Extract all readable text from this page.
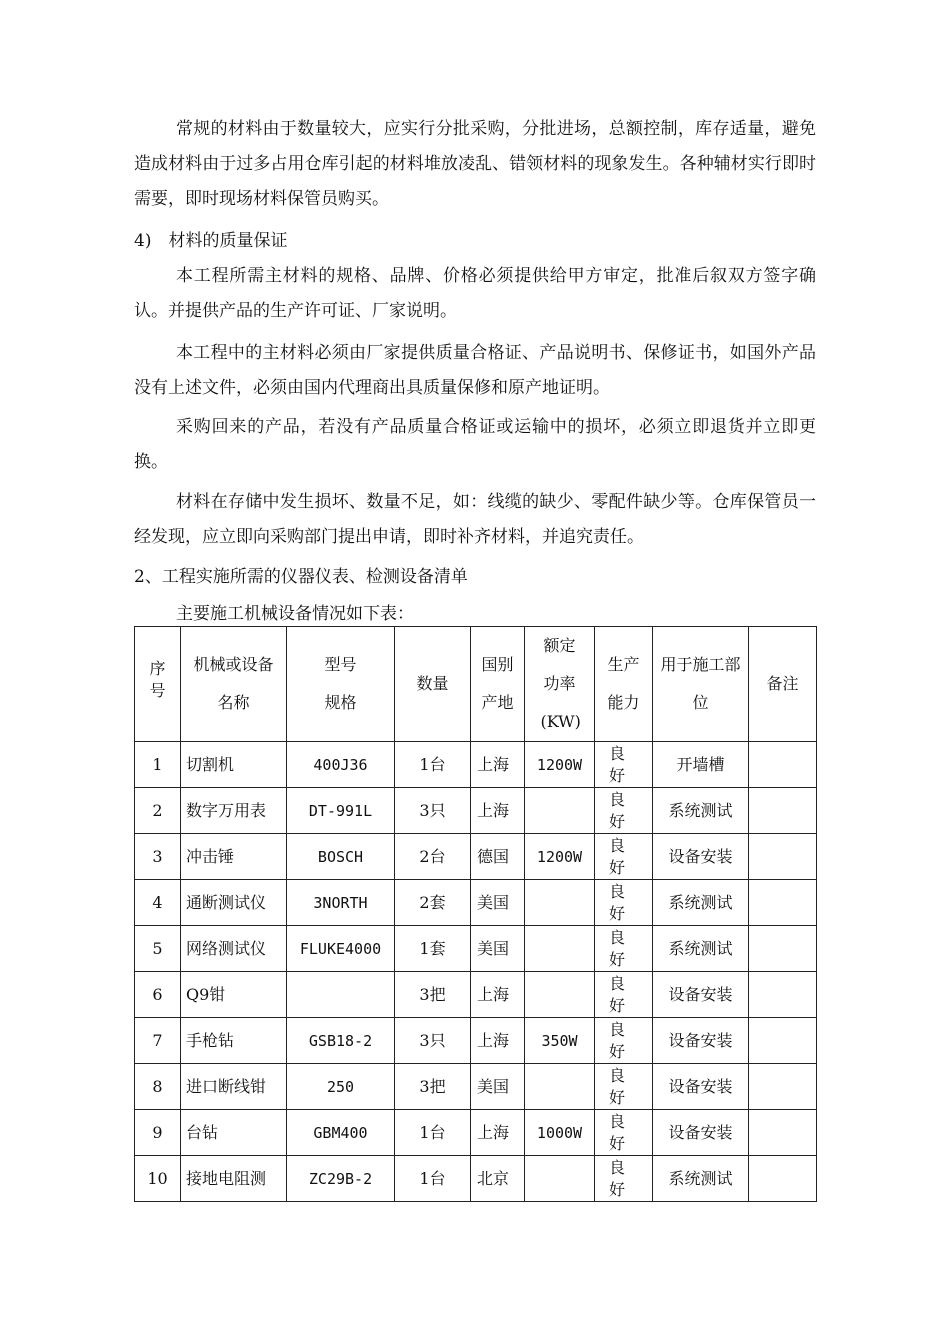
常规的材料由于数量较大，应实行分批采购，分批进场，总额控制，库存适量，避免造成材料由于过多占用仓库引起的材料堆放凌乱、错领材料的现象发生。各种辅材实行即时需要，即时现场材料保管员购买。

4)　材料的质量保证

本工程所需主材料的规格、品牌、价格必须提供给甲方审定，批准后叙双方签字确认。并提供产品的生产许可证、厂家说明。

本工程中的主材料必须由厂家提供质量合格证、产品说明书、保修证书，如国外产品没有上述文件，必须由国内代理商出具质量保修和原产地证明。

采购回来的产品，若没有产品质量合格证或运输中的损坏，必须立即退货并立即更换。

材料在存储中发生损坏、数量不足，如：线缆的缺少、零配件缺少等。仓库保管员一经发现，应立即向采购部门提出申请，即时补齐材料，并追究责任。

2、工程实施所需的仪器仪表、检测设备清单

主要施工机械设备情况如下表：

序号	机械或设备名称	型号规格	数量	国别产地	额定功率(KW)	生产能力	用于施工部位	备注
1	切割机	400J36	1台	上海	1200W	良好	开墙槽	
2	数字万用表	DT-991L	3只	上海		良好	系统测试	
3	冲击锤	BOSCH	2台	德国	1200W	良好	设备安装	
4	通断测试仪	3NORTH	2套	美国		良好	系统测试	
5	网络测试仪	FLUKE4000	1套	美国		良好	系统测试	
6	Q9钳		3把	上海		良好	设备安装	
7	手枪钻	GSB18-2	3只	上海	350W	良好	设备安装	
8	进口断线钳	250	3把	美国		良好	设备安装	
9	台钻	GBM400	1台	上海	1000W	良好	设备安装	
10	接地电阻测	ZC29B-2	1台	北京		良好	系统测试	
